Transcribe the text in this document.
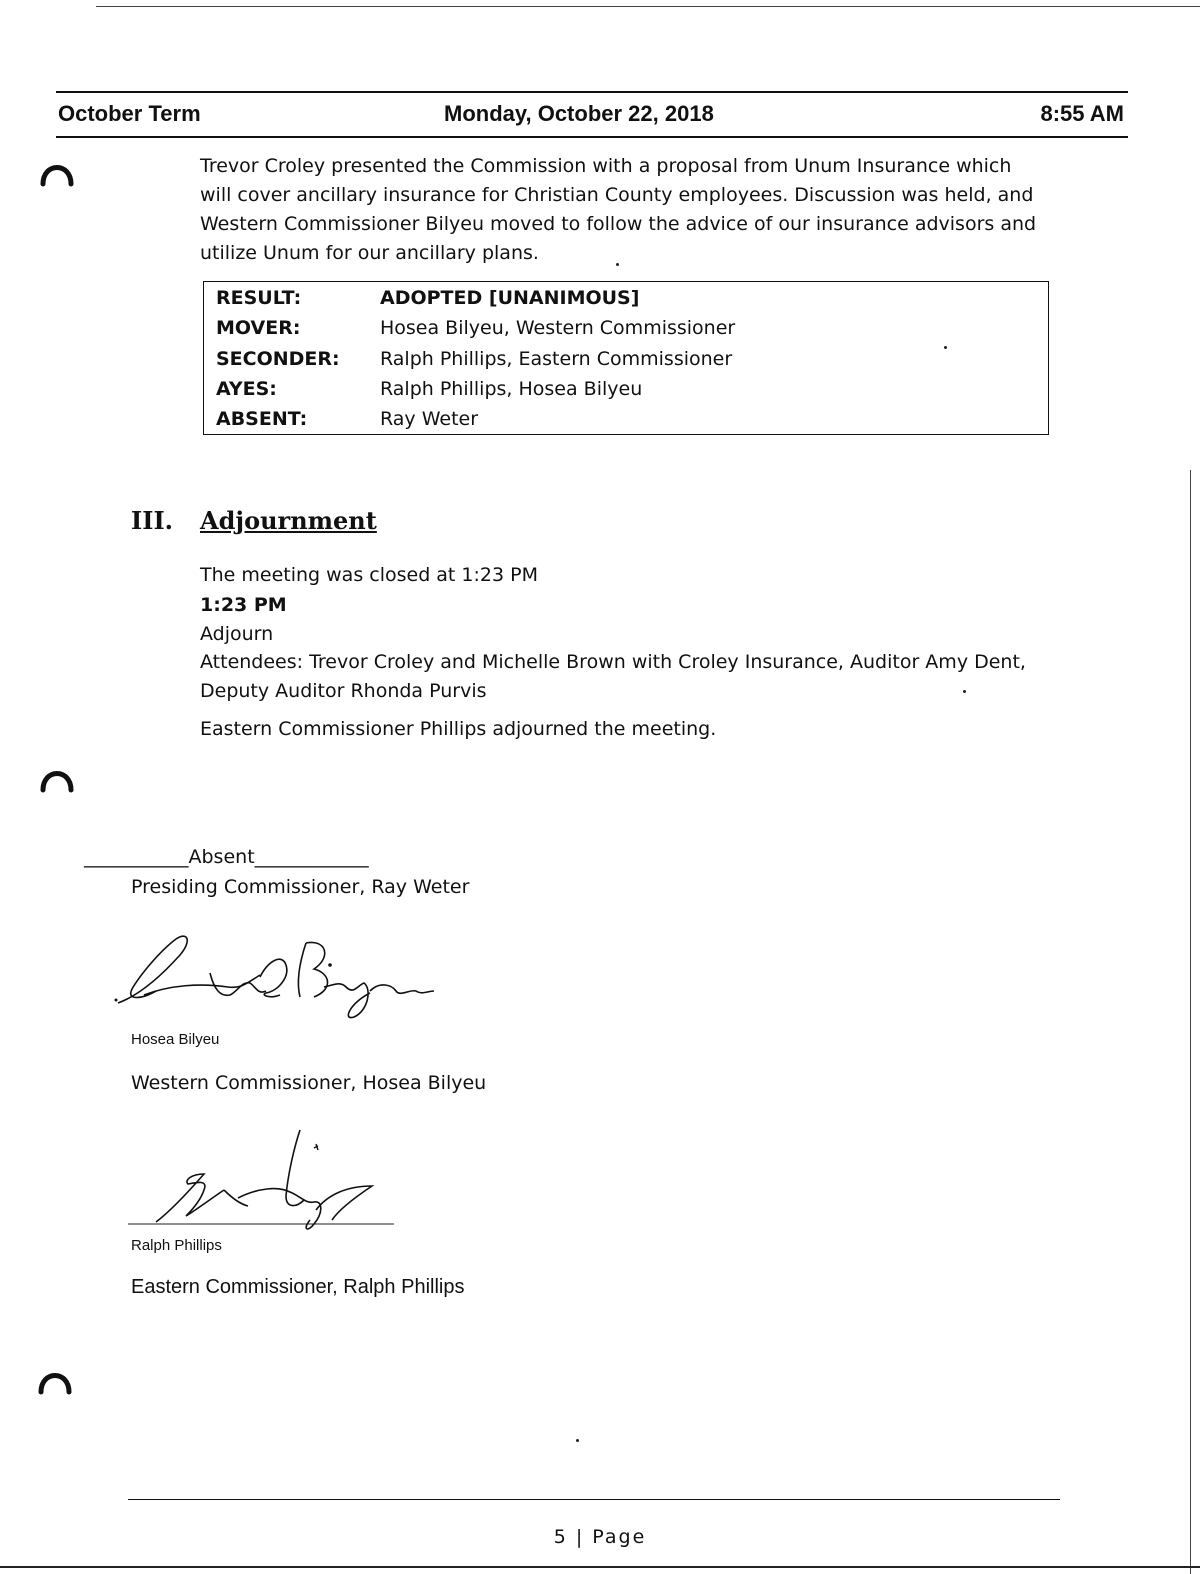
October Term	Monday, October 22, 2018	8:55 AM
Trevor Croley presented the Commission with a proposal from Unum Insurance which
will cover ancillary insurance for Christian County employees. Discussion was held, and
Western Commissioner Bilyeu moved to follow the advice of our insurance advisors and
utilize Unum for our ancillary plans.
RESULT:	ADOPTED [UNANIMOUS]
MOVER:	Hosea Bilyeu, Western Commissioner
SECONDER: Ralph Phillips, Eastern Commissioner
AYES:	Ralph Phillips, Hosea Bilyeu
ABSENT:	Ray Weter
III. Adjournment
The meeting was closed at 1:23 PM
1:23 PM
Adjourn
Attendees: Trevor Croley and Michelle Brown with Croley Insurance, Auditor Amy Dent,
Deputy Auditor Rhonda Purvis
Eastern Commissioner Phillips adjourned the meeting.
___________Absent____________
Presiding Commissioner, Ray Weter
Hosea Bilyeu
Western Commissioner, Hosea Bilyeu
Ralph Phillips
Eastern Commissioner, Ralph Phillips
5 | Page
